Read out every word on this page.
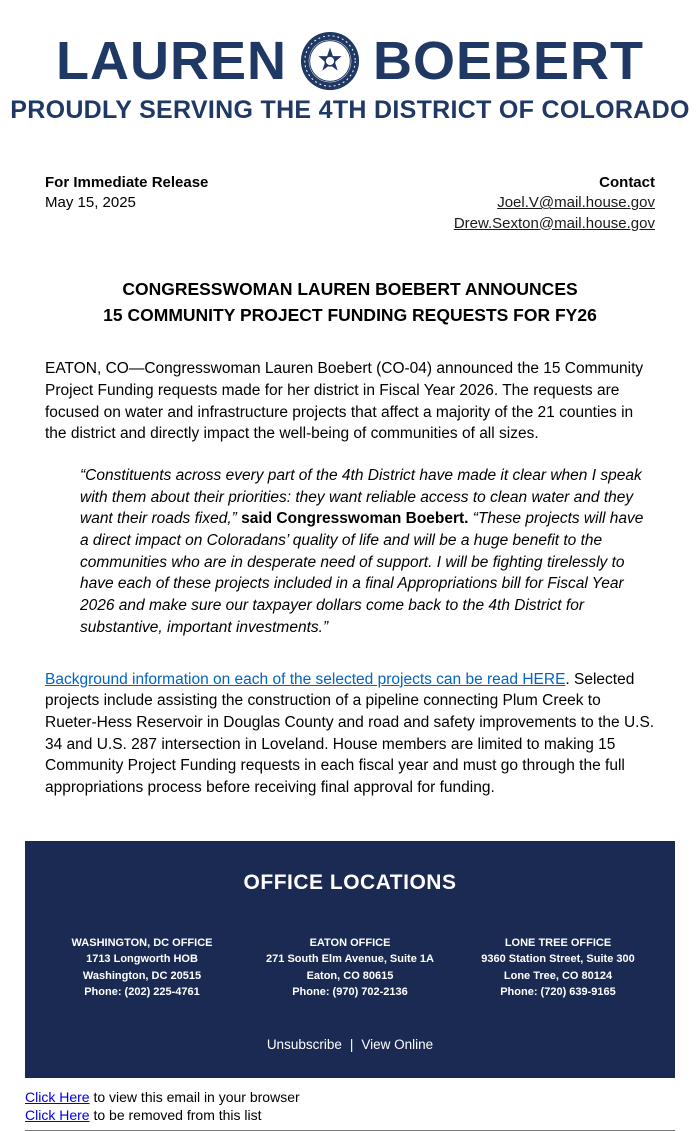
LAUREN BOEBERT
PROUDLY SERVING THE 4TH DISTRICT OF COLORADO
For Immediate Release
May 15, 2025
Contact
Joel.V@mail.house.gov
Drew.Sexton@mail.house.gov
CONGRESSWOMAN LAUREN BOEBERT ANNOUNCES
15 COMMUNITY PROJECT FUNDING REQUESTS FOR FY26
EATON, CO—Congresswoman Lauren Boebert (CO-04) announced the 15 Community Project Funding requests made for her district in Fiscal Year 2026. The requests are focused on water and infrastructure projects that affect a majority of the 21 counties in the district and directly impact the well-being of communities of all sizes.
“Constituents across every part of the 4th District have made it clear when I speak with them about their priorities: they want reliable access to clean water and they want their roads fixed,” said Congresswoman Boebert. “These projects will have a direct impact on Coloradans’ quality of life and will be a huge benefit to the communities who are in desperate need of support. I will be fighting tirelessly to have each of these projects included in a final Appropriations bill for Fiscal Year 2026 and make sure our taxpayer dollars come back to the 4th District for substantive, important investments.”
Background information on each of the selected projects can be read HERE. Selected projects include assisting the construction of a pipeline connecting Plum Creek to Rueter-Hess Reservoir in Douglas County and road and safety improvements to the U.S. 34 and U.S. 287 intersection in Loveland. House members are limited to making 15 Community Project Funding requests in each fiscal year and must go through the full appropriations process before receiving final approval for funding.
OFFICE LOCATIONS
WASHINGTON, DC OFFICE
1713 Longworth HOB
Washington, DC 20515
Phone: (202) 225-4761
EATON OFFICE
271 South Elm Avenue, Suite 1A
Eaton, CO 80615
Phone: (970) 702-2136
LONE TREE OFFICE
9360 Station Street, Suite 300
Lone Tree, CO 80124
Phone: (720) 639-9165
Unsubscribe | View Online
Click Here to view this email in your browser
Click Here to be removed from this list
